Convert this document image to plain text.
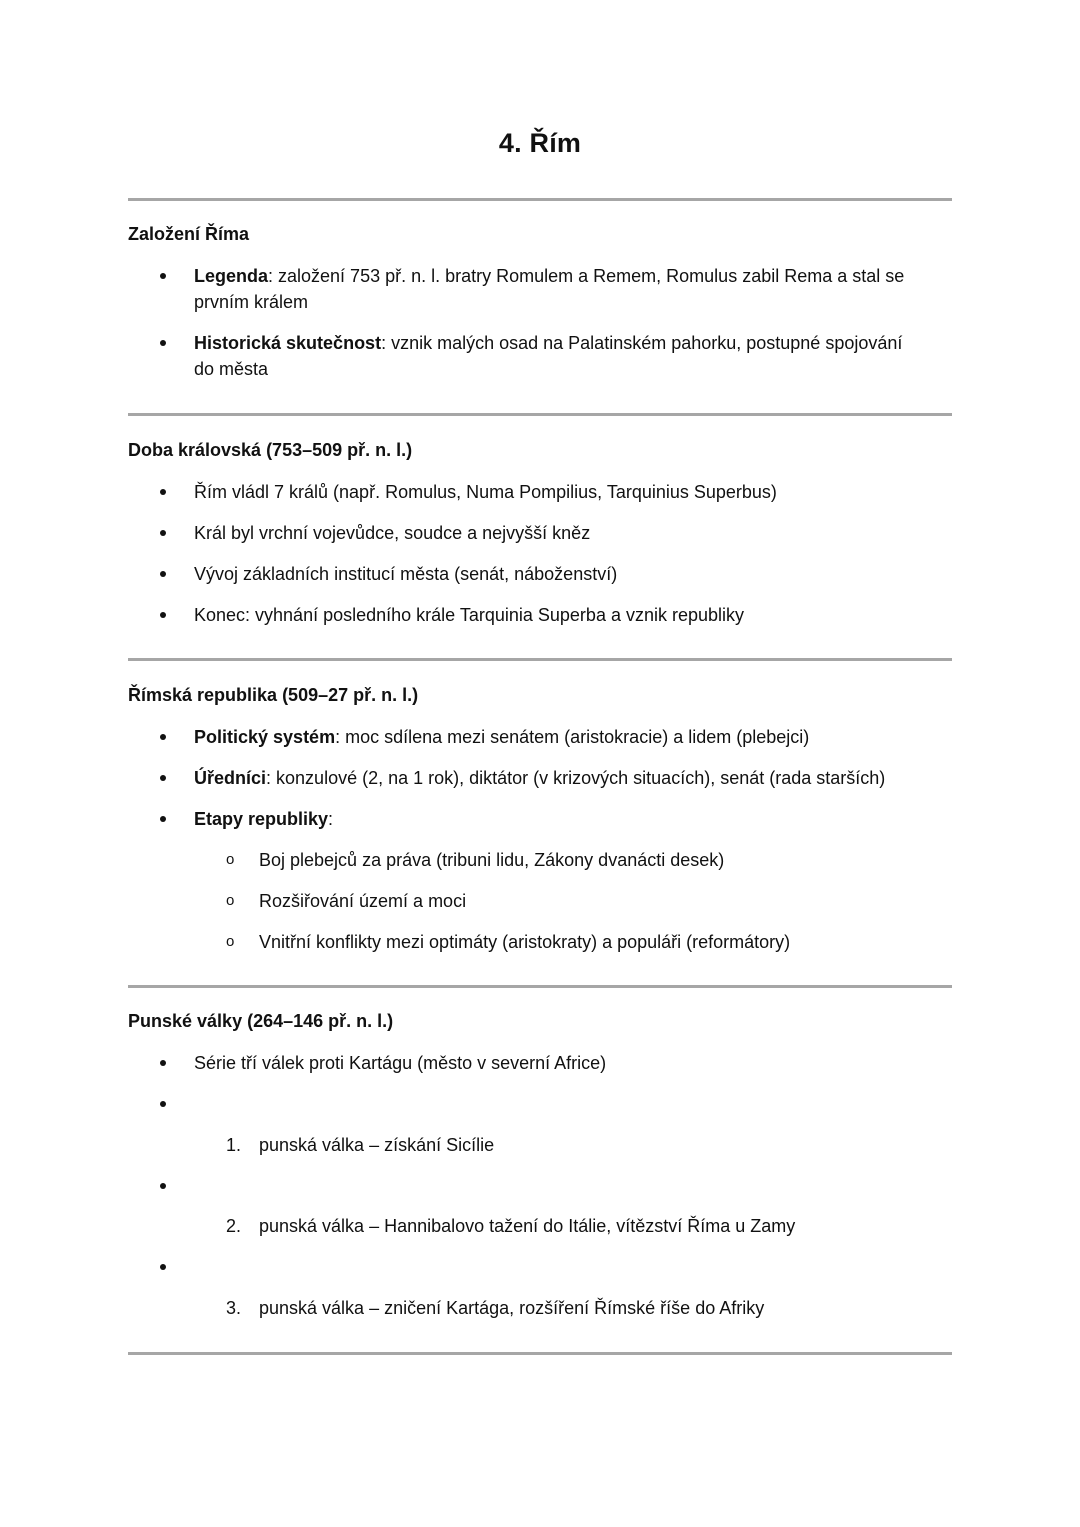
4. Řím
Založení Říma
Legenda: založení 753 př. n. l. bratry Romulem a Remem, Romulus zabil Rema a stal se
prvním králem
Historická skutečnost: vznik malých osad na Palatinském pahorku, postupné spojování
do města
Doba královská (753–509 př. n. l.)
Řím vládl 7 králů (např. Romulus, Numa Pompilius, Tarquinius Superbus)
Král byl vrchní vojevůdce, soudce a nejvyšší kněz
Vývoj základních institucí města (senát, náboženství)
Konec: vyhnání posledního krále Tarquinia Superba a vznik republiky
Římská republika (509–27 př. n. l.)
Politický systém: moc sdílena mezi senátem (aristokracie) a lidem (plebejci)
Úředníci: konzulové (2, na 1 rok), diktátor (v krizových situacích), senát (rada starších)
Etapy republiky:
o Boj plebejců za práva (tribuni lidu, Zákony dvanácti desek)
o Rozšiřování území a moci
o Vnitřní konflikty mezi optimáty (aristokraty) a populáři (reformátory)
Punské války (264–146 př. n. l.)
Série tří válek proti Kartágu (město v severní Africe)
1. punská válka – získání Sicílie
2. punská válka – Hannibalovo tažení do Itálie, vítězství Říma u Zamy
3. punská válka – zničení Kartága, rozšíření Římské říše do Afriky
